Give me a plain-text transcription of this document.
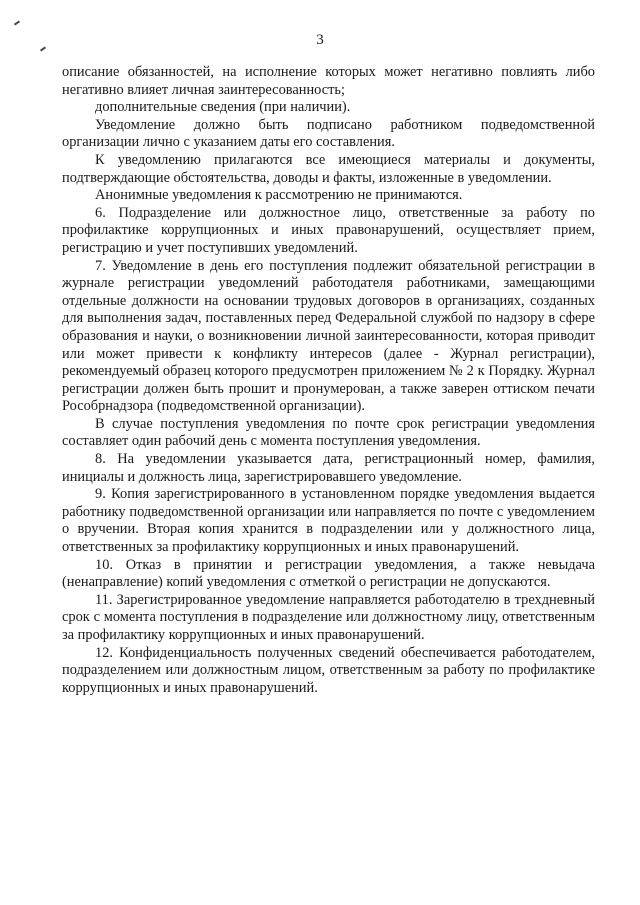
3

описание обязанностей, на исполнение которых может негативно повлиять либо негативно влияет личная заинтересованность;

дополнительные сведения (при наличии).

Уведомление должно быть подписано работником подведомственной организации лично с указанием даты его составления.

К уведомлению прилагаются все имеющиеся материалы и документы, подтверждающие обстоятельства, доводы и факты, изложенные в уведомлении.

Анонимные уведомления к рассмотрению не принимаются.

6. Подразделение или должностное лицо, ответственные за работу по профилактике коррупционных и иных правонарушений, осуществляет прием, регистрацию и учет поступивших уведомлений.

7. Уведомление в день его поступления подлежит обязательной регистрации в журнале регистрации уведомлений работодателя работниками, замещающими отдельные должности на основании трудовых договоров в организациях, созданных для выполнения задач, поставленных перед Федеральной службой по надзору в сфере образования и науки, о возникновении личной заинтересованности, которая приводит или может привести к конфликту интересов (далее - Журнал регистрации), рекомендуемый образец которого предусмотрен приложением № 2 к Порядку. Журнал регистрации должен быть прошит и пронумерован, а также заверен оттиском печати Рособрнадзора (подведомственной организации).

В случае поступления уведомления по почте срок регистрации уведомления составляет один рабочий день с момента поступления уведомления.

8. На уведомлении указывается дата, регистрационный номер, фамилия, инициалы и должность лица, зарегистрировавшего уведомление.

9. Копия зарегистрированного в установленном порядке уведомления выдается работнику подведомственной организации или направляется по почте с уведомлением о вручении. Вторая копия хранится в подразделении или у должностного лица, ответственных за профилактику коррупционных и иных правонарушений.

10. Отказ в принятии и регистрации уведомления, а также невыдача (ненаправление) копий уведомления с отметкой о регистрации не допускаются.

11. Зарегистрированное уведомление направляется работодателю в трехдневный срок с момента поступления в подразделение или должностному лицу, ответственным за профилактику коррупционных и иных правонарушений.

12. Конфиденциальность полученных сведений обеспечивается работодателем, подразделением или должностным лицом, ответственным за работу по профилактике коррупционных и иных правонарушений.
